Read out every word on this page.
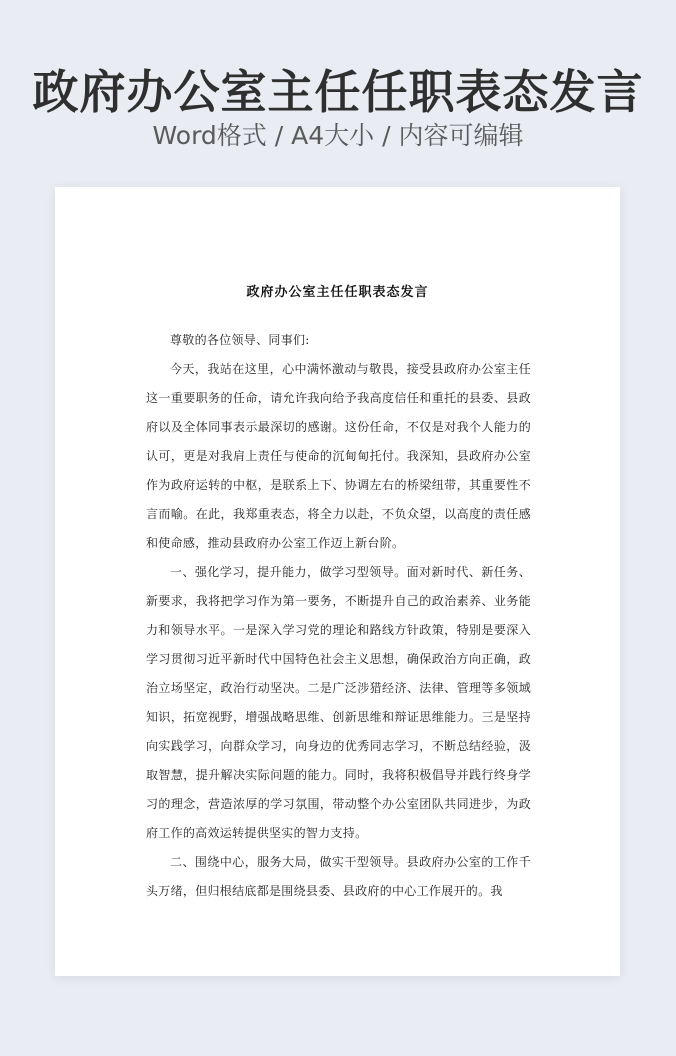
政府办公室主任任职表态发言
Word格式 / A4大小 / 内容可编辑
政府办公室主任任职表态发言

尊敬的各位领导、同事们:

今天，我站在这里，心中满怀激动与敬畏，接受县政府办公室主任这一重要职务的任命，请允许我向给予我高度信任和重托的县委、县政府以及全体同事表示最深切的感谢。这份任命，不仅是对我个人能力的认可，更是对我肩上责任与使命的沉甸甸托付。我深知，县政府办公室作为政府运转的中枢，是联系上下、协调左右的桥梁纽带，其重要性不言而喻。在此，我郑重表态，将全力以赴，不负众望，以高度的责任感和使命感，推动县政府办公室工作迈上新台阶。

一、强化学习，提升能力，做学习型领导。面对新时代、新任务、新要求，我将把学习作为第一要务，不断提升自己的政治素养、业务能力和领导水平。一是深入学习党的理论和路线方针政策，特别是要深入学习贯彻习近平新时代中国特色社会主义思想，确保政治方向正确，政治立场坚定，政治行动坚决。二是广泛涉猎经济、法律、管理等多领域知识，拓宽视野，增强战略思维、创新思维和辩证思维能力。三是坚持向实践学习，向群众学习，向身边的优秀同志学习，不断总结经验，汲取智慧，提升解决实际问题的能力。同时，我将积极倡导并践行终身学习的理念，营造浓厚的学习氛围，带动整个办公室团队共同进步，为政府工作的高效运转提供坚实的智力支持。

二、围绕中心，服务大局，做实干型领导。县政府办公室的工作千头万绪，但归根结底都是围绕县委、县政府的中心工作展开的。我
